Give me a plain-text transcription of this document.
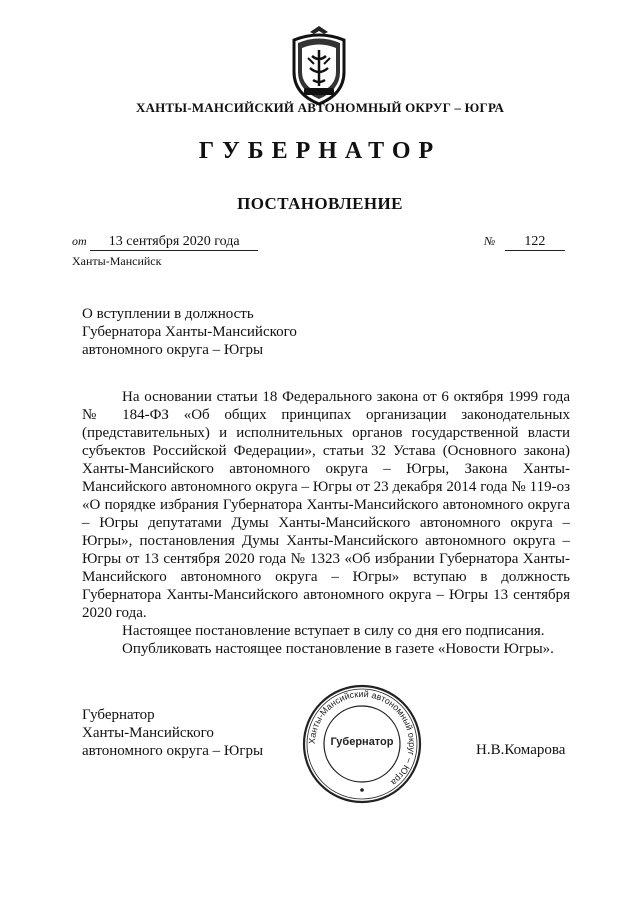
ХАНТЫ-МАНСИЙСКИЙ АВТОНОМНЫЙ ОКРУГ – ЮГРА
ГУБЕРНАТОР
ПОСТАНОВЛЕНИЕ
от 13 сентября 2020 года	№ 122
Ханты-Мансийск
О вступлении в должность
Губернатора Ханты-Мансийского
автономного округа – Югры

На основании статьи 18 Федерального закона от 6 октября 1999 года № 184-ФЗ «Об общих принципах организации законодательных (представительных) и исполнительных органов государственной власти субъектов Российской Федерации», статьи 32 Устава (Основного закона) Ханты-Мансийского автономного округа – Югры, Закона Ханты-Мансийского автономного округа – Югры от 23 декабря 2014 года № 119-оз «О порядке избрания Губернатора Ханты-Мансийского автономного округа – Югры депутатами Думы Ханты-Мансийского автономного округа – Югры», постановления Думы Ханты-Мансийского автономного округа – Югры от 13 сентября 2020 года № 1323 «Об избрании Губернатора Ханты-Мансийского автономного округа – Югры» вступаю в должность Губернатора Ханты-Мансийского автономного округа – Югры 13 сентября 2020 года.

Настоящее постановление вступает в силу со дня его подписания.

Опубликовать настоящее постановление в газете «Новости Югры».

Губернатор
Ханты-Мансийского
автономного округа – Югры
Ханты-Мансийский автономный округ – Югра
Губернатор	Н.В.Комарова
